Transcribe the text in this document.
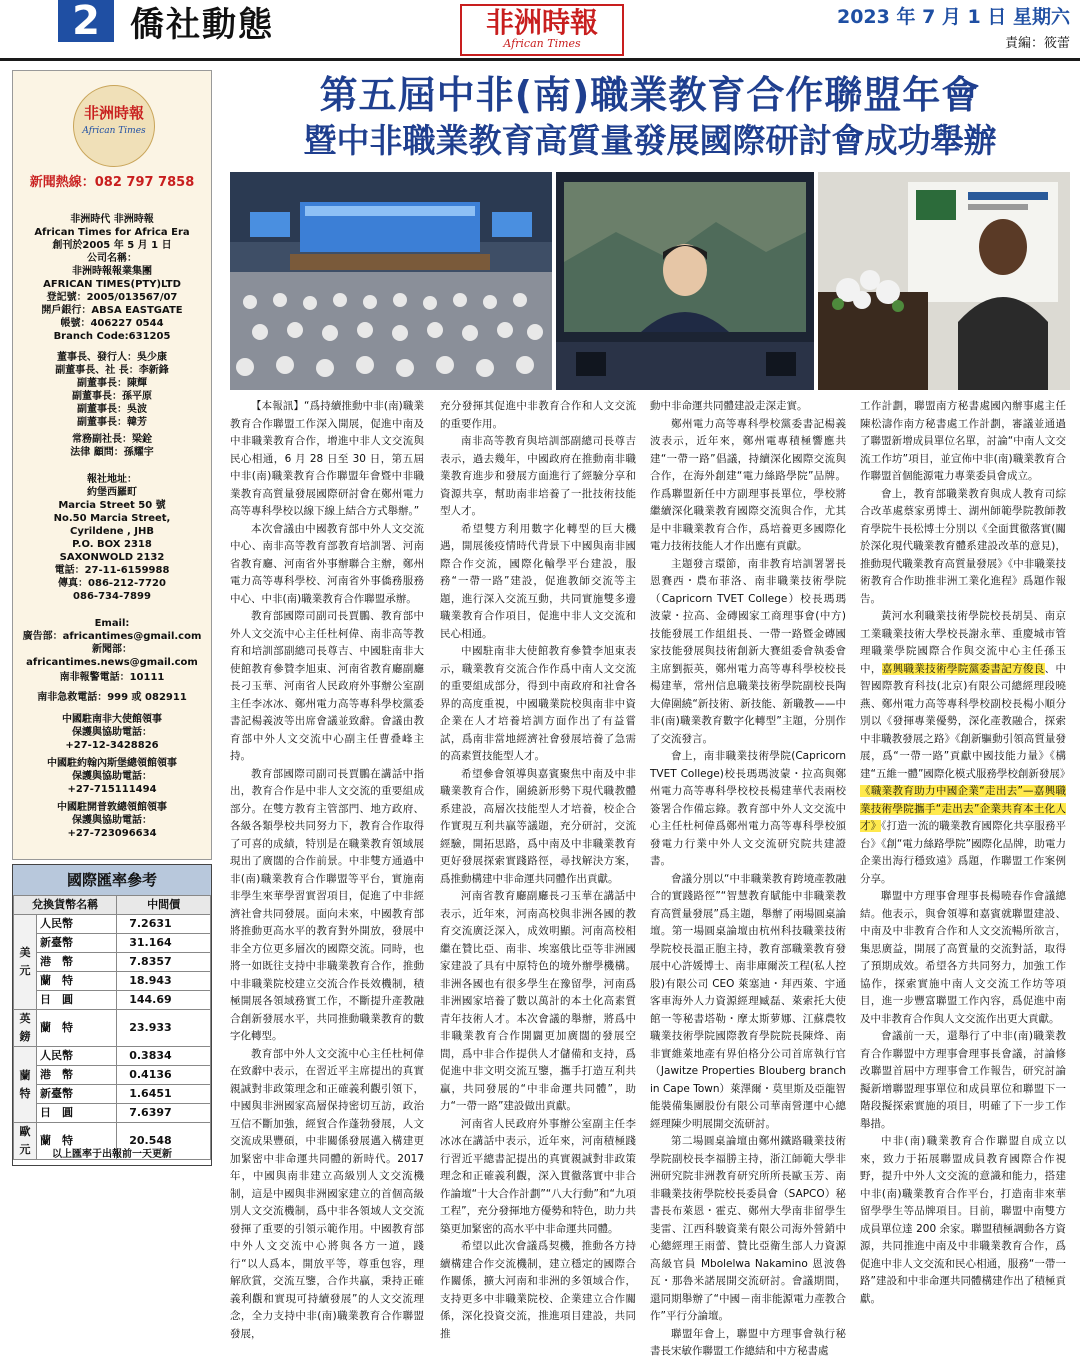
2 僑社動態	非洲時報
African Times
2023 年 7 月 1 日 星期六
責編：筱蕾
非洲時報
African Times
新聞熱線：082 797 7858
非洲時代 非洲時報
African Times for Africa Era
創刊於2005 年 5 月 1 日
公司名稱：
非洲時報報業集團
AFRICAN TIMES(PTY)LTD
登記號：2005/013567/07
開戶銀行：ABSA EASTGATE
帳號：406227 0544
Branch Code:631205
董事長、發行人：吳少康
副董事長、社 長：李新鋒
副董事長：陳輝
副董事長：孫平原
副董事長：吳波
副董事長：韓芳
常務副社長：梁銓
法律 顧問：孫耀宇
報社地址：
約堡西羅町
Marcia Street 50 號
No.50 Marcia Street,
Cyrildene , JHB
P.O. BOX 2318
SAXONWOLD 2132
電話：27-11-6159988
傳真：086-212-7720
086-734-7899
Email:
廣告部：africantimes@gmail.com
新聞部：africantimes.news@gmail.com
南非報警電話：10111
南非急救電話：999 或 082911
中國駐南非大使館領事
保護與協助電話：
+27-12-3428826
中國駐約翰內斯堡總領館領事
保護與協助電話：
+27-715111494
中國駐開普敦總領館領事
保護與協助電話：
+27-723096634
國際匯率參考
兌換貨幣名稱		中間價
美元	人民幣	7.2631
	新臺幣	31.164
	港　幣	7.8357
	蘭　特	18.943
	日　圓	144.69
英鎊	蘭　特	23.933
蘭特	人民幣	0.3834
	港　幣	0.4136
	新臺幣	1.6451
	日　圓	7.6397
歐元	蘭　特	20.548
以上匯率于出報前一天更新
第五屆中非(南)職業教育合作聯盟年會
暨中非職業教育高質量發展國際研討會成功舉辦

【本報訊】“爲持續推動中非(南)職業教育合作聯盟工作深入開展，促進中南及中非職業教育合作，增進中非人文交流與民心相通，6 月 28 日至 30 日，第五屆中非(南)職業教育合作聯盟年會暨中非職業教育高質量發展國際研討會在鄭州電力高等專科學校以線下線上結合方式舉辦。”

本次會議由中國教育部中外人文交流中心、南非高等教育部教育培訓署、河南省教育廳、河南省外事辦聯合主辦，鄭州電力高等專科學校、河南省外事僑務服務中心、中非(南)職業教育合作聯盟承辦。

教育部國際司副司長賈鵬、教育部中外人文交流中心主任杜柯偉、南非高等教育和培訓部副總司長尊吉、中國駐南非大使館教育參贊李旭東、河南省教育廳副廳長刁玉華、河南省人民政府外事辦公室副主任李冰冰、鄭州電力高等專科學校黨委書記楊義波等出席會議並致辭。會議由教育部中外人文交流中心副主任曹叠峰主持。

教育部國際司副司長賈鵬在講話中指出，教育合作是中非人文交流的重要組成部分。在雙方教育主管部門、地方政府、各級各類學校共同努力下，教育合作取得了可喜的成績，特別是在職業教育領域展現出了廣闊的合作前景。中非雙方通過中非(南)職業教育合作聯盟等平台，實施南非學生來華學習實習項目，促進了中非經濟社會共同發展。面向未來，中國教育部將推動更高水平的教育對外開放，發展中非全方位更多層次的國際交流。同時，也將一如既往支持中非職業教育合作，推動中非職業院校建立交流合作長效機制，積極開展各領域務實工作，不斷提升產教融合創新發展水平，共同推動職業教育的數字化轉型。

教育部中外人文交流中心主任杜柯偉在致辭中表示，在習近平主席提出的真實親誠對非政策理念和正確義利觀引領下，中國與非洲國家高層保持密切互訪，政治互信不斷加強，經貿合作蓬勃發展，人文交流成果豐碩，中非關係發展邁入構建更加緊密中非命運共同體的新時代。2017 年，中國與南非建立高級別人文交流機制，這是中國與非洲國家建立的首個高級別人文交流機制，爲中非各領域人文交流發揮了重要的引領示範作用。中國教育部中外人文交流中心將與各方一道，踐行“以人爲本，開放平等，尊重包容，理解欣賞，交流互鑒，合作共贏，秉持正確義利觀和實現可持續發展”的人文交流理念，全力支持中非(南)職業教育合作聯盟發展，

充分發揮其促進中非教育合作和人文交流的重要作用。

南非高等教育與培訓部副總司長尊吉表示，過去幾年，中國政府在推動南非職業教育進步和發展方面進行了經驗分享和資源共享，幫助南非培養了一批技術技能型人才。

希望雙方利用數字化轉型的巨大機遇，開展後疫情時代背景下中國與南非國際合作交流，國際化輸學平台建設，服務“一帶一路”建設，促進教師交流等主題，進行深入交流互動，共同實施雙多邊職業教育合作項目，促進中非人文交流和民心相通。

中國駐南非大使館教育參贊李旭東表示，職業教育交流合作作爲中南人文交流的重要組成部分，得到中南政府和社會各界的高度重視，中國職業院校與南非中資企業在人才培養培訓方面作出了有益嘗試，爲南非當地經濟社會發展培養了急需的高素質技能型人才。

希望參會領導與嘉賓聚焦中南及中非職業教育合作，圍繞新形勢下現代職教體系建設，高層次技能型人才培養，校企合作實現互利共贏等議題，充分研討，交流經驗，開拓思路，爲中南及中非職業教育更好發展探索實踐路徑，尋找解決方案，爲推動構建中非命運共同體作出貢獻。

河南省教育廳副廳長刁玉華在講話中表示，近年來，河南高校與非洲各國的教育交流廣泛深入，成效明顯。河南高校相繼在贊比亞、南非、埃塞俄比亞等非洲國家建設了具有中原特色的境外辦學機構。非洲各國也有很多學生在豫留學，河南爲非洲國家培養了數以萬計的本土化高素質青年技術人才。本次會議的舉辦，將爲中非職業教育合作開闢更加廣闊的發展空間，爲中非合作提供人才儲備和支持，爲促進中非文明交流互鑒，攜手打造互利共贏，共同發展的“中非命運共同體”，助力“一帶一路”建設做出貢獻。

河南省人民政府外事辦公室副主任李冰冰在講話中表示，近年來，河南積極踐行習近平總書記提出的真實親誠對非政策理念和正確義利觀，深入貫徹落實中非合作論壇“十大合作計劃”“八大行動”和“九項工程”，充分發揮地方優勢和特色，助力共築更加緊密的高水平中非命運共同體。

希望以此次會議爲契機，推動各方持續構建合作交流機制，建立穩定的國際合作關係，擴大河南和非洲的多領域合作，支持更多中非職業院校、企業建立合作關係，深化投資交流，推進項目建設，共同推

動中非命運共同體建設走深走實。

鄭州電力高等專科學校黨委書記楊義波表示，近年來，鄭州電專積極響應共建“一帶一路”倡議，持續深化國際交流與合作，在海外創建“電力絲路學院”品牌。作爲聯盟新任中方副理事長單位，學校將繼續深化職業教育國際交流與合作，尤其是中非職業教育合作，爲培養更多國際化電力技術技能人才作出應有貢獻。

主題發言環節，南非教育培訓署署長恩賽西・農布菲洛、南非職業技術學院（Capricorn TVET College）校長瑪瑪波蒙・拉高、金磚國家工商理事會(中方)技能發展工作組組長、一帶一路暨金磚國家技能發展與技術創新大賽組委會執委會主席劉振英，鄭州電力高等專科學校校長楊建華，常州信息職業技術學院副校長陶大偉圍繞“新技術、新技能、新職教——中非(南)職業教育數字化轉型”主題，分別作了交流發言。

會上，南非職業技術學院(Capricorn TVET College)校長瑪瑪波蒙・拉高與鄭州電力高等專科學校校長楊建華代表兩校簽署合作備忘錄。教育部中外人文交流中心主任杜柯偉爲鄭州電力高等專科學校頒發電力行業中外人文交流研究院共建證書。

會議分別以“中非職業教育跨境產教融合的實踐路徑”“智慧教育賦能中非職業教育高質量發展”爲主題，舉辦了兩場圓桌論壇。第一場圓桌論壇由杭州科技職業技術學院校長溫正胞主持，教育部職業教育發展中心許媛博士、南非庫爾茨工程(私人控股)有限公司 CEO 萊塞迪・拜西萊、宇通客車海外人力資源經理臧磊、萊索托大使館一等秘書塔勒・摩太斯萝娜、江蘇農牧職業技術學院國際教育學院院長陳烽、南非實維萊地產有界伯格分公司首席執行官（Jawitze Properties Blouberg branch in Cape Town）萊澤爾・莫里斯及亞龍智能裝備集團股份有限公司華南營運中心總經理陳少明展開交流研討。

第二場圓桌論壇由鄭州鐵路職業技術學院副校長李福勝主持，浙江師範大學非洲研究院非洲教育研究所所長歐玉芳、南非職業技術學院校長委員會（SAPCO）秘書長布萊恩・霍克、鄭州大學南非留學生斐雷、江西科駿資業有限公司海外營銷中心總經理王雨蕾、贊比亞衛生部人力資源高級官員 Mbolelwa Nakamino 恩波魯瓦・那魯米諾展開交流研討。會議期間，還同期舉辦了“中國－南非能源電力產教合作”平行分論壇。

聯盟年會上，聯盟中方理事會執行秘書長宋敏作聯盟工作總結和中方秘書處

工作計劃，聯盟南方秘書處國內辦事處主任陳松濤作南方秘書處工作計劃，審議並通過了聯盟新增成員單位名單，討論“中南人文交流工作坊”項目，並宣佈中非(南)職業教育合作聯盟首個能源電力專業委員會成立。

會上，教育部職業教育與成人教育司綜合改革處蔡家勇博士、湖州師範學院教師教育學院牛長松博士分別以《全面貫徹落實(關於深化現代職業教育體系建設改革的意見)，推動現代職業教育高質量發展》《中非職業技術教育合作助推非洲工業化進程》爲題作報告。

黃河水利職業技術學院校長胡昊、南京工業職業技術大學校長謝永華、重慶城市管理職業學院國際合作與交流中心主任孫玉中，嘉興職業技術學院黨委書記方俊良、中智國際教育科技(北京)有限公司總經理段曉燕、鄭州電力高等專科學校副校長楊小順分別以《發揮專業優勢，深化產教融合，探索中非職教發展之路》《創新驅動引領高質量發展，爲“一帶一路”貢獻中國技能力量》《構建“五維一體”國際化模式服務學校創新發展》《職業教育助力中國企業“走出去”—嘉興職業技術學院攜手“走出去”企業共育本土化人才》《打造一流的職業教育國際化共享服務平台》《創“電力絲路學院”國際化品牌，助電力企業出海行穩致遠》爲題，作聯盟工作案例分享。

聯盟中方理事會理事長楊曉春作會議總結。他表示，與會領導和嘉賓就聯盟建設、中南及中非教育合作和人文交流暢所欲言，集思廣益，開展了高質量的交流對話，取得了預期成效。希望各方共同努力，加強工作協作，探索實施中南人文交流工作坊等項目，進一步豐富聯盟工作內容，爲促進中南及中非教育合作與人文交流作出更大貢獻。

會議前一天，還舉行了中非(南)職業教育合作聯盟中方理事會理事長會議，討論修改聯盟首屆中方理事會工作報告，研究討論擬新增聯盟理事單位和成員單位和聯盟下一階段擬探索實施的項目，明確了下一步工作舉措。

中非(南)職業教育合作聯盟自成立以來，致力于拓展聯盟成員教育國際合作視野，提升中外人文交流的意識和能力，搭建中非(南)職業教育合作平台，打造南非來華留學學生等品牌項目。目前，聯盟中南雙方成員單位達 200 余家。聯盟積極調動各方資源，共同推進中南及中非職業教育合作，爲促進中非人文交流和民心相通，服務“一帶一路”建設和中非命運共同體構建作出了積極貢獻。
